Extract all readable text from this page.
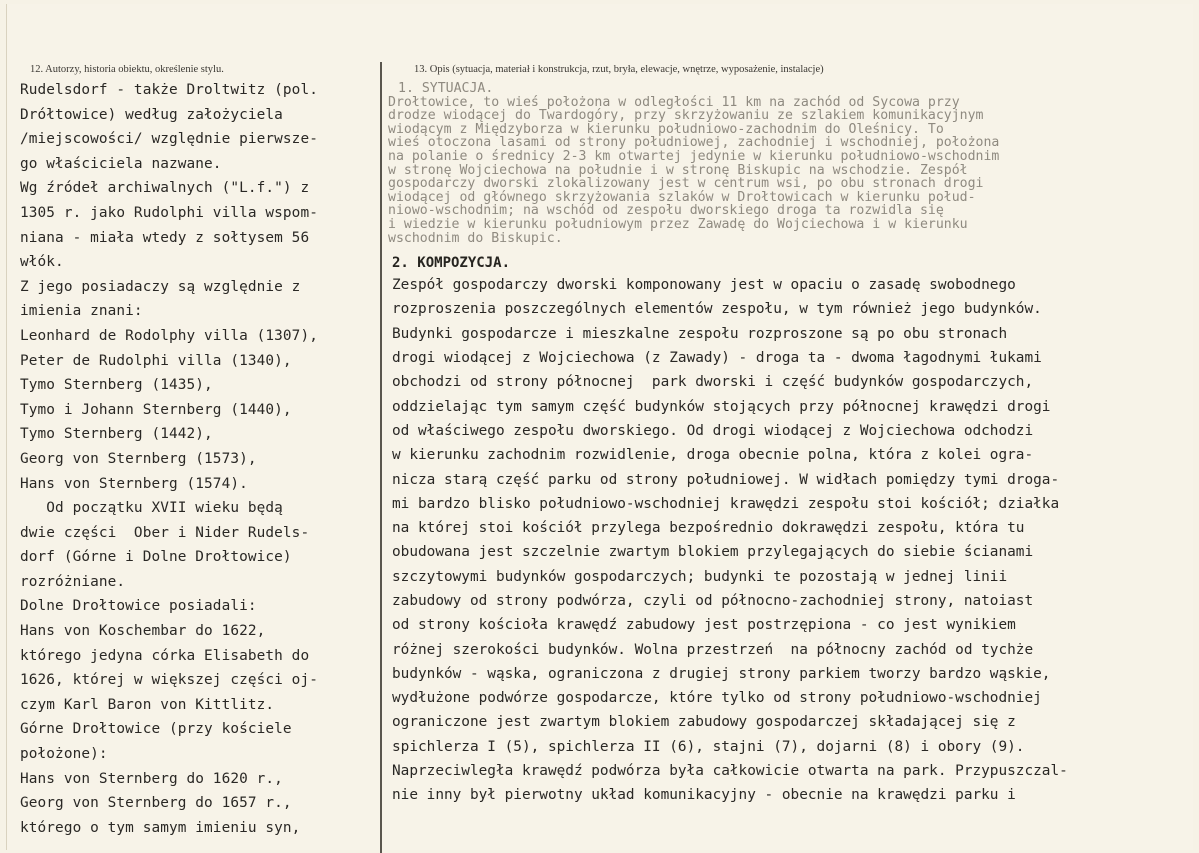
12. Autorzy, historia obiektu, określenie stylu.	13. Opis (sytuacja, materiał i konstrukcja, rzut, bryła, elewacje, wnętrze, wyposażenie, instalacje)
Rudelsdorf - także Droltwitz (pol.
Drółtowice) według założyciela
/miejscowości/ względnie pierwsze-
go właściciela nazwane.
Wg źródeł archiwalnych ("L.f.") z
1305 r. jako Rudolphi villa wspom-
niana - miała wtedy z sołtysem 56
włók.
Z jego posiadaczy są względnie z
imienia znani:
Leonhard de Rodolphy villa (1307),
Peter de Rudolphi villa (1340),
Tymo Sternberg (1435),
Tymo i Johann Sternberg (1440),
Tymo Sternberg (1442),
Georg von Sternberg (1573),
Hans von Sternberg (1574).
Od początku XVII wieku będą
dwie części  Ober i Nider Rudels-
dorf (Górne i Dolne Drołtowice)
rozróżniane.
Dolne Drołtowice posiadali:
Hans von Koschembar do 1622,
którego jedyna córka Elisabeth do
1626, której w większej części oj-
czym Karl Baron von Kittlitz.
Górne Drołtowice (przy kościele
położone):
Hans von Sternberg do 1620 r.,
Georg von Sternberg do 1657 r.,
którego o tym samym imieniu syn,
1. SYTUACJA.
Drołtowice, to wieś położona w odległości 11 km na zachód od Sycowa przy
drodze wiodącej do Twardogóry, przy skrzyżowaniu ze szlakiem komunikacyjnym
wiodącym z Międzyborza w kierunku południowo-zachodnim do Oleśnicy. To
wieś otoczona lasami od strony południowej, zachodniej i wschodniej, położona
na polanie o średnicy 2-3 km otwartej jedynie w kierunku południowo-wschodnim
w stronę Wojciechowa na południe i w stronę Biskupic na wschodzie. Zespół
gospodarczy dworski zlokalizowany jest w centrum wsi, po obu stronach drogi
wiodącej od głównego skrzyżowania szlaków w Drołtowicach w kierunku połud-
niowo-wschodnim; na wschód od zespołu dworskiego droga ta rozwidla się
i wiedzie w kierunku południowym przez Zawadę do Wojciechowa i w kierunku
wschodnim do Biskupic.
2. KOMPOZYCJA.
Zespół gospodarczy dworski komponowany jest w opaciu o zasadę swobodnego
rozproszenia poszczególnych elementów zespołu, w tym również jego budynków.
Budynki gospodarcze i mieszkalne zespołu rozproszone są po obu stronach
drogi wiodącej z Wojciechowa (z Zawady) - droga ta - dwoma łagodnymi łukami
obchodzi od strony północnej  park dworski i część budynków gospodarczych,
oddzielając tym samym część budynków stojących przy północnej krawędzi drogi
od właściwego zespołu dworskiego. Od drogi wiodącej z Wojciechowa odchodzi
w kierunku zachodnim rozwidlenie, droga obecnie polna, która z kolei ogra-
nicza starą część parku od strony południowej. W widłach pomiędzy tymi droga-
mi bardzo blisko południowo-wschodniej krawędzi zespołu stoi kościół; działka
na której stoi kościół przylega bezpośrednio dokrawędzi zespołu, która tu
obudowana jest szczelnie zwartym blokiem przylegających do siebie ścianami
szczytowymi budynków gospodarczych; budynki te pozostają w jednej linii
zabudowy od strony podwórza, czyli od północno-zachodniej strony, natoiast
od strony kościoła krawędź zabudowy jest postrzępiona - co jest wynikiem
różnej szerokości budynków. Wolna przestrzeń  na północny zachód od tychże
budynków - wąska, ograniczona z drugiej strony parkiem tworzy bardzo wąskie,
wydłużone podwórze gospodarcze, które tylko od strony południowo-wschodniej
ograniczone jest zwartym blokiem zabudowy gospodarczej składającej się z
spichlerza I (5), spichlerza II (6), stajni (7), dojarni (8) i obory (9).
Naprzeciwległa krawędź podwórza była całkowicie otwarta na park. Przypuszczal-
nie inny był pierwotny układ komunikacyjny - obecnie na krawędzi parku i
